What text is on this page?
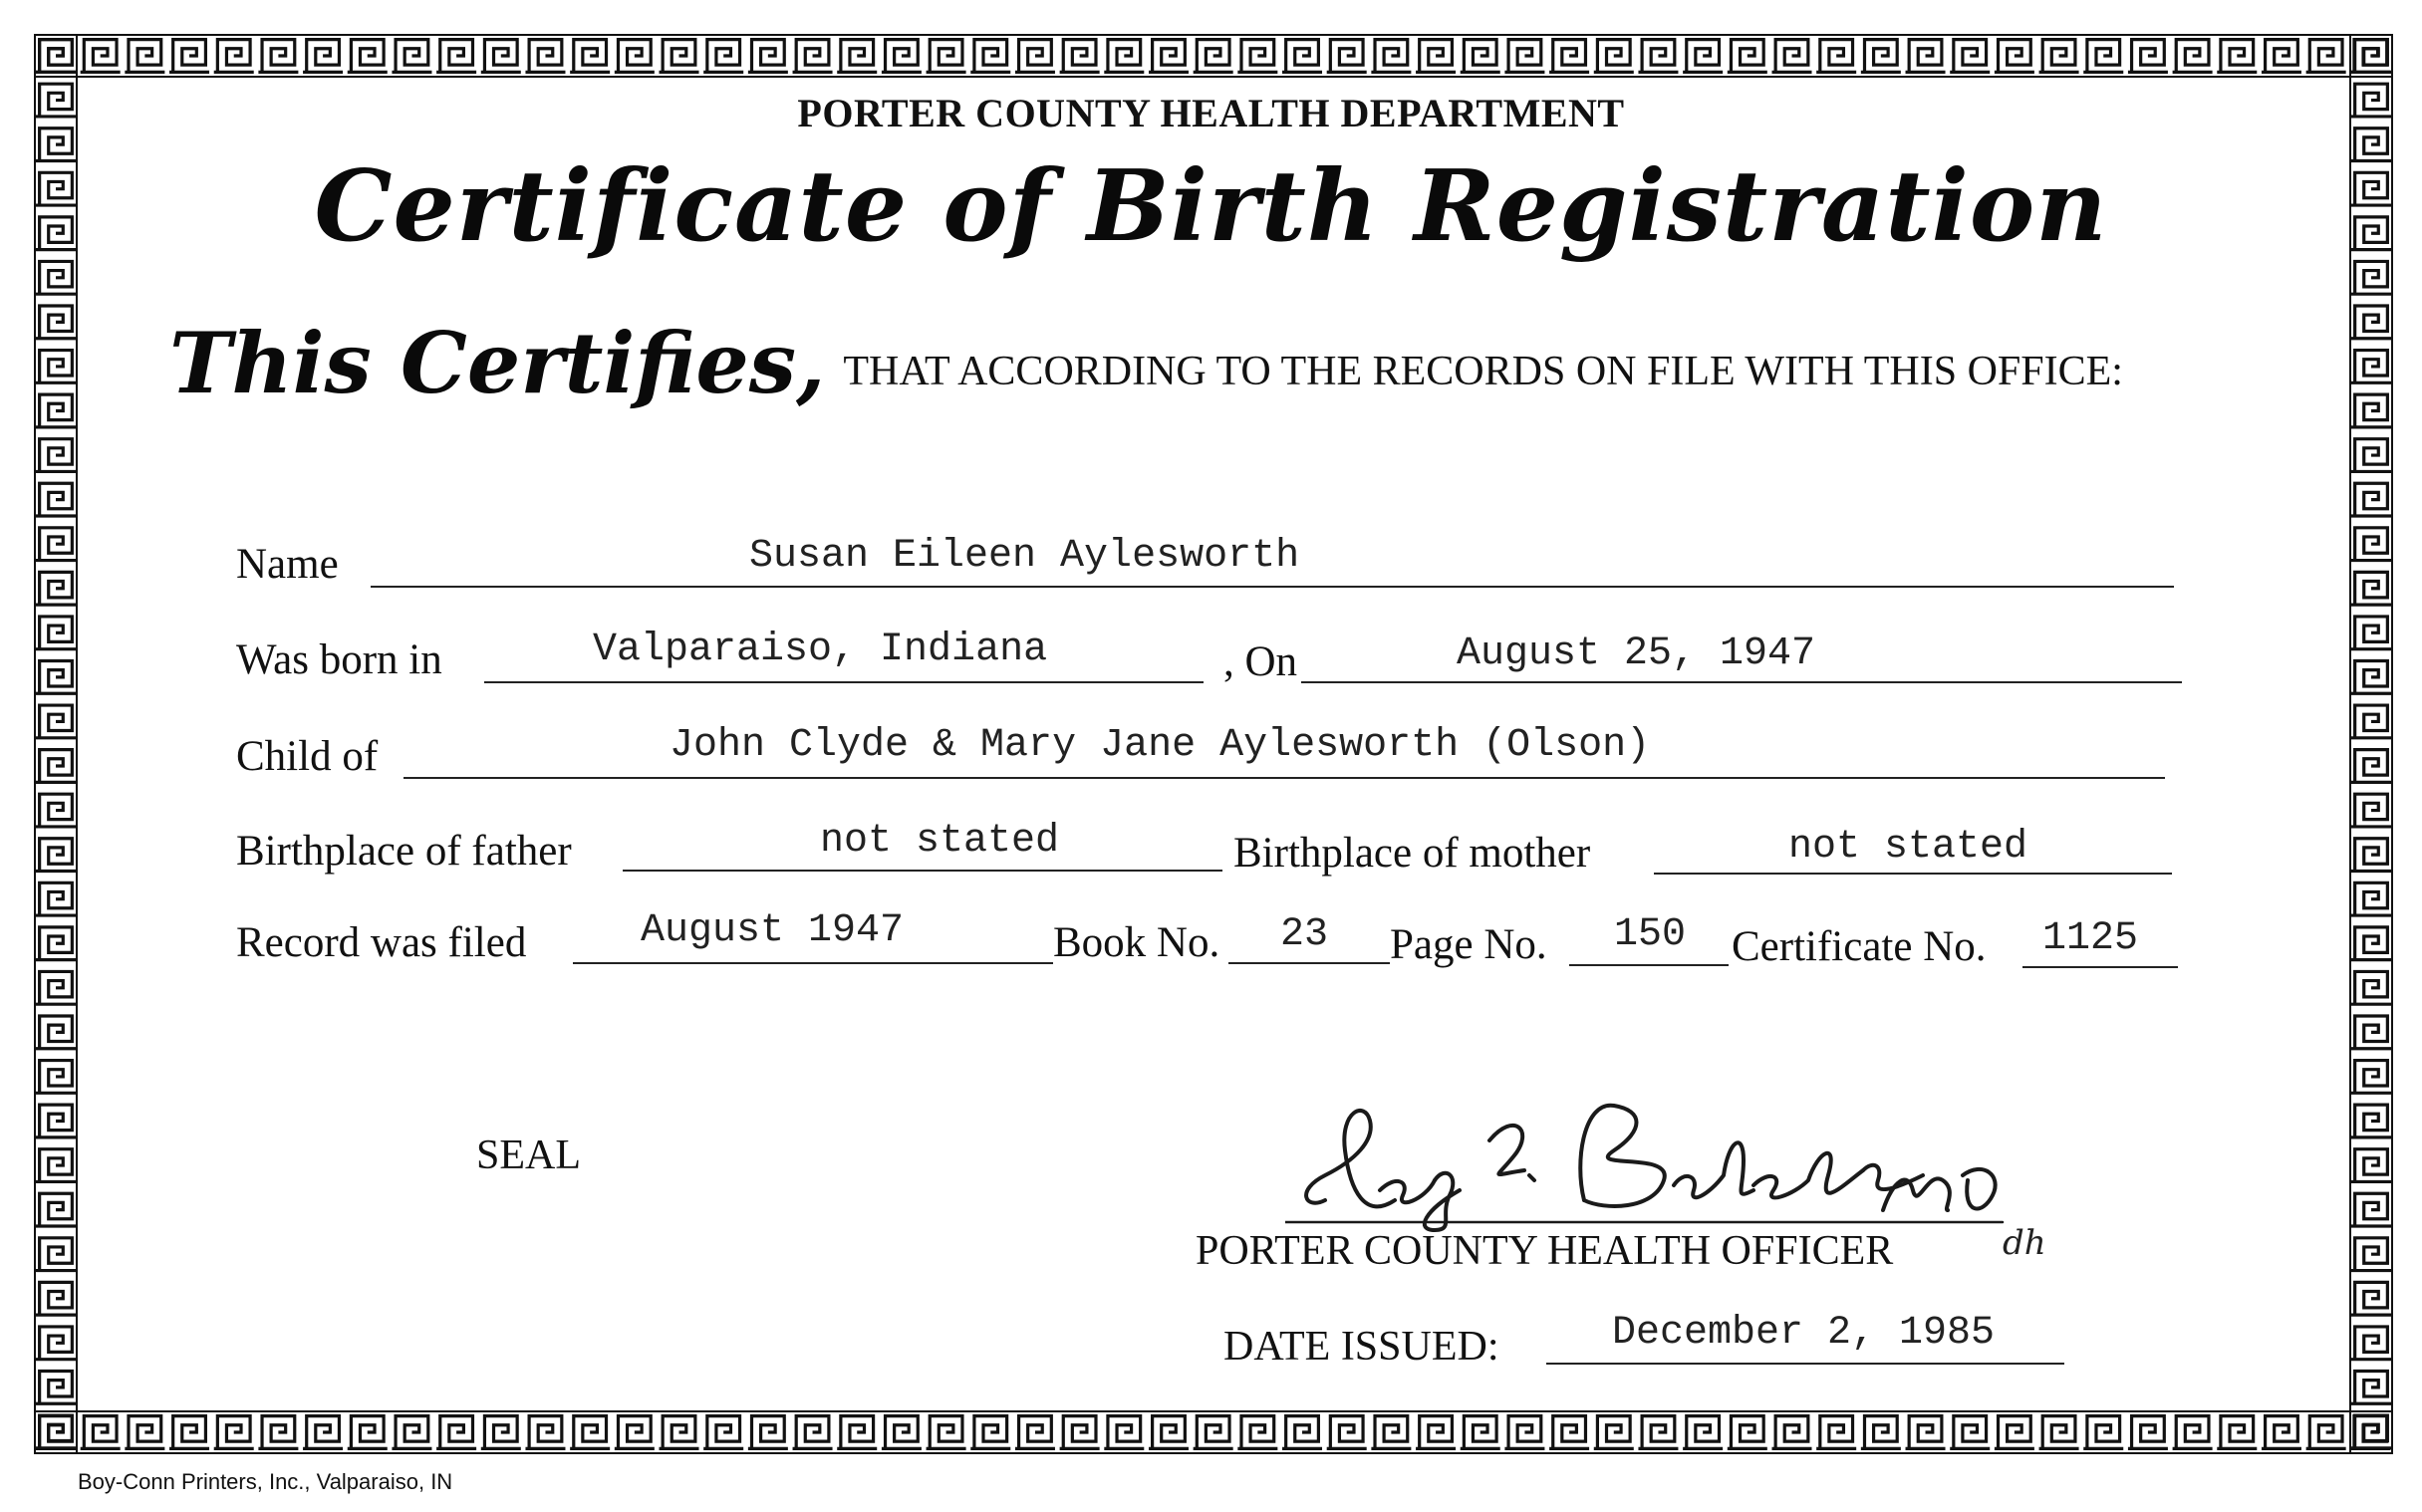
PORTER COUNTY HEALTH DEPARTMENT
Certificate of Birth Registration
This Certifies, THAT ACCORDING TO THE RECORDS ON FILE WITH THIS OFFICE:
Name	Susan Eileen Aylesworth
Was born in	Valparaiso, Indiana	, On	August 25, 1947
Child of	John Clyde & Mary Jane Aylesworth (Olson)
Birthplace of father	not stated	Birthplace of mother	not stated
Record was filed	August 1947	Book No. 23 Page No. 150 Certificate No. 1125
SEAL
PORTER COUNTY HEALTH OFFICER	dh
DATE ISSUED:	December 2, 1985
Boy-Conn Printers, Inc., Valparaiso, IN
